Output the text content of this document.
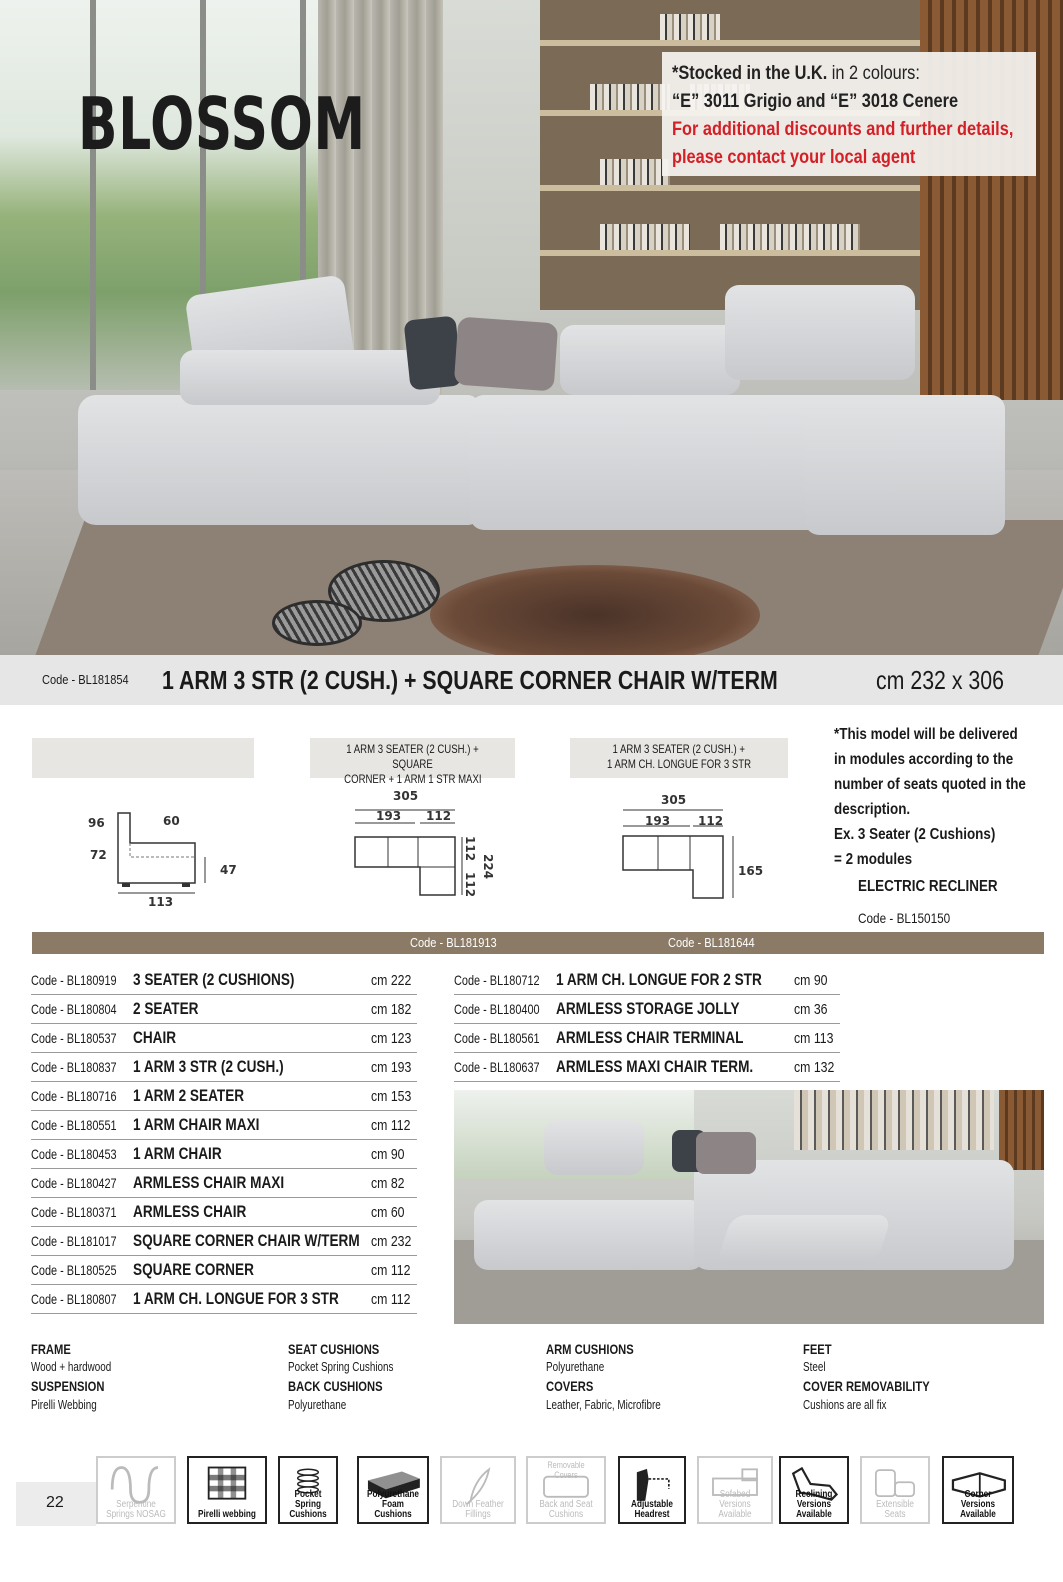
BLOSSOM
*Stocked in the U.K. in 2 colours:
“E” 3011 Grigio and “E” 3018 Cenere
For additional discounts and further details,
please contact your local agent
Code - BL181854 1 ARM 3 STR (2 CUSH.) + SQUARE CORNER CHAIR W/TERM	cm 232 x 306
1 ARM 3 SEATER (2 CUSH.) + SQUARE
CORNER + 1 ARM 1 STR MAXI
1 ARM 3 SEATER (2 CUSH.) +
1 ARM CH. LONGUE FOR 3 STR
96	60
72
47
113
305
193 112
112
112
224
305
193 112
165
*This model will be delivered
in modules according to the
number of seats quoted in the
description.
Ex. 3 Seater (2 Cushions)
= 2 modules
ELECTRIC RECLINER
Code - BL150150
Code - BL181913	Code - BL181644
Code - BL180919 3 SEATER (2 CUSHIONS)	cm 222
Code - BL180804 2 SEATER	cm 182
Code - BL180537 CHAIR	cm 123
Code - BL180837 1 ARM 3 STR (2 CUSH.)	cm 193
Code - BL180716 1 ARM 2 SEATER	cm 153
Code - BL180551 1 ARM CHAIR MAXI	cm 112
Code - BL180453 1 ARM CHAIR	cm 90
Code - BL180427 ARMLESS CHAIR MAXI	cm 82
Code - BL180371 ARMLESS CHAIR	cm 60
Code - BL181017 SQUARE CORNER CHAIR W/TERM cm 232
Code - BL180525 SQUARE CORNER	cm 112
Code - BL180807 1 ARM CH. LONGUE FOR 3 STR cm 112
Code - BL180712 1 ARM CH. LONGUE FOR 2 STR cm 90
Code - BL180400 ARMLESS STORAGE JOLLY	cm 36
Code - BL180561 ARMLESS CHAIR TERMINAL	cm 113
Code - BL180637 ARMLESS MAXI CHAIR TERM.	cm 132
FRAME
Wood + hardwood
SUSPENSION
Pirelli Webbing
SEAT CUSHIONS
Pocket Spring Cushions
BACK CUSHIONS
Polyurethane
ARM CUSHIONS
Polyurethane
COVERS
Leather, Fabric, Microfibre
FEET
Steel
COVER REMOVABILITY
Cushions are all fix
22	Serpentine
Springs NOSAG	Pirelli webbing

Pocket Spring
Cushions
Polyurethane
Foam Cushions
Down Feather
Fillings
Removable Covers
Back and Seat
Cushions
Adjustable
Headrest
Sofabed Versions
Available
Reclining Versions
Available
Extensible
Seats
Corner Versions
Available
